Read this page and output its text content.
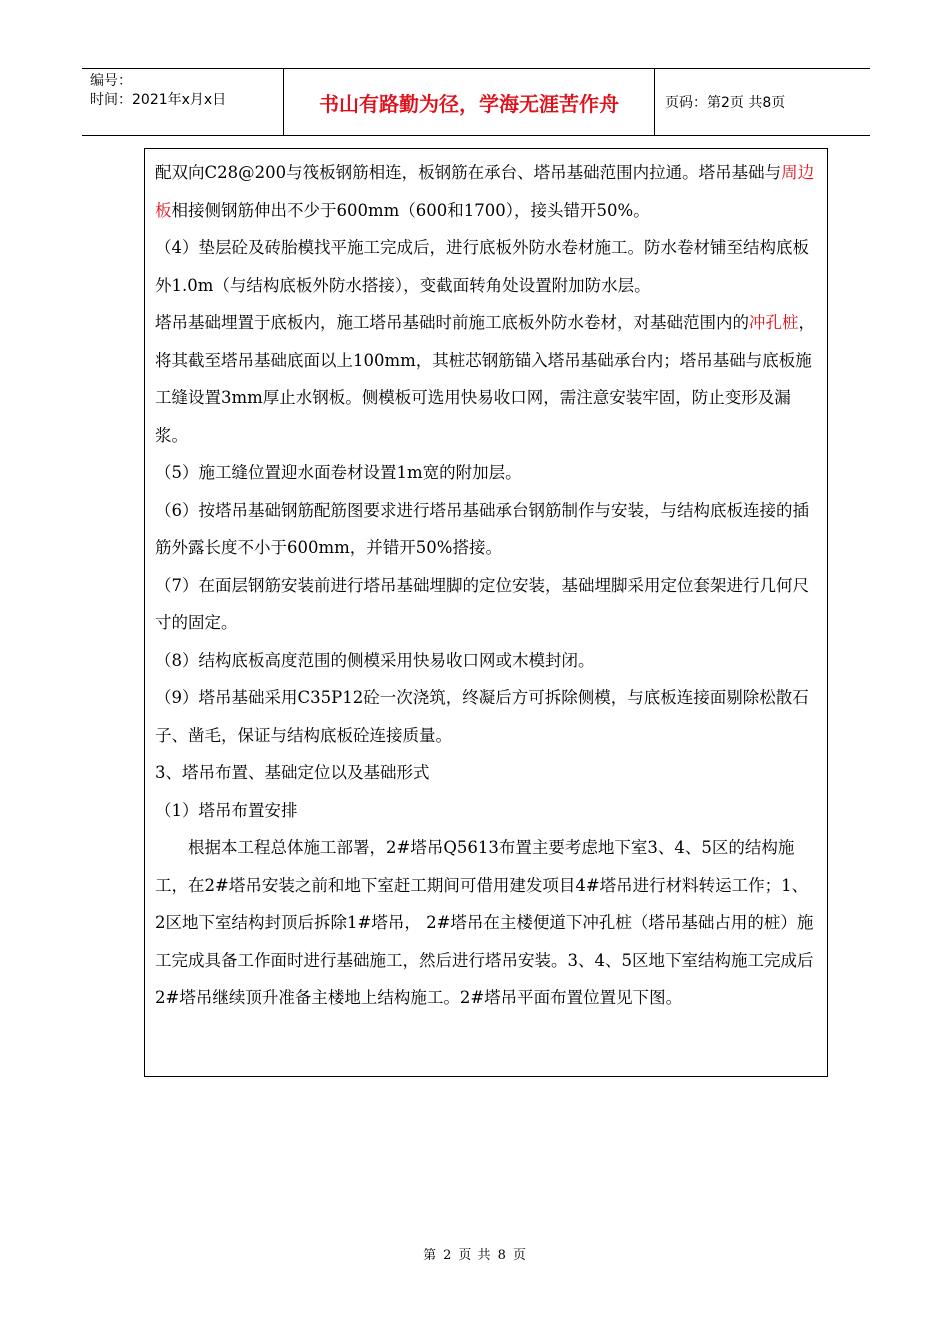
编号：
时间：2021年x月x日	书山有路勤为径，学海无涯苦作舟	页码：第2页 共8页

配双向C28@200与筏板钢筋相连，板钢筋在承台、塔吊基础范围内拉通。塔吊基础与周边板相接侧钢筋伸出不少于600mm（600和1700），接头错开50%。

（4）垫层砼及砖胎模找平施工完成后，进行底板外防水卷材施工。防水卷材铺至结构底板外1.0m（与结构底板外防水搭接），变截面转角处设置附加防水层。

塔吊基础埋置于底板内，施工塔吊基础时前施工底板外防水卷材，对基础范围内的冲孔桩，将其截至塔吊基础底面以上100mm，其桩芯钢筋锚入塔吊基础承台内；塔吊基础与底板施工缝设置3mm厚止水钢板。侧模板可选用快易收口网，需注意安装牢固，防止变形及漏浆。

（5）施工缝位置迎水面卷材设置1m宽的附加层。

（6）按塔吊基础钢筋配筋图要求进行塔吊基础承台钢筋制作与安装，与结构底板连接的插筋外露长度不小于600mm，并错开50%搭接。

（7）在面层钢筋安装前进行塔吊基础埋脚的定位安装，基础埋脚采用定位套架进行几何尺寸的固定。

（8）结构底板高度范围的侧模采用快易收口网或木模封闭。

（9）塔吊基础采用C35P12砼一次浇筑，终凝后方可拆除侧模，与底板连接面剔除松散石子、凿毛，保证与结构底板砼连接质量。

3、塔吊布置、基础定位以及基础形式

（1）塔吊布置安排

根据本工程总体施工部署，2#塔吊Q5613布置主要考虑地下室3、4、5区的结构施工，在2#塔吊安装之前和地下室赶工期间可借用建发项目4#塔吊进行材料转运工作；1、2区地下室结构封顶后拆除1#塔吊， 2#塔吊在主楼便道下冲孔桩（塔吊基础占用的桩）施工完成具备工作面时进行基础施工，然后进行塔吊安装。3、4、5区地下室结构施工完成后2#塔吊继续顶升准备主楼地上结构施工。2#塔吊平面布置位置见下图。

第 2 页 共 8 页
